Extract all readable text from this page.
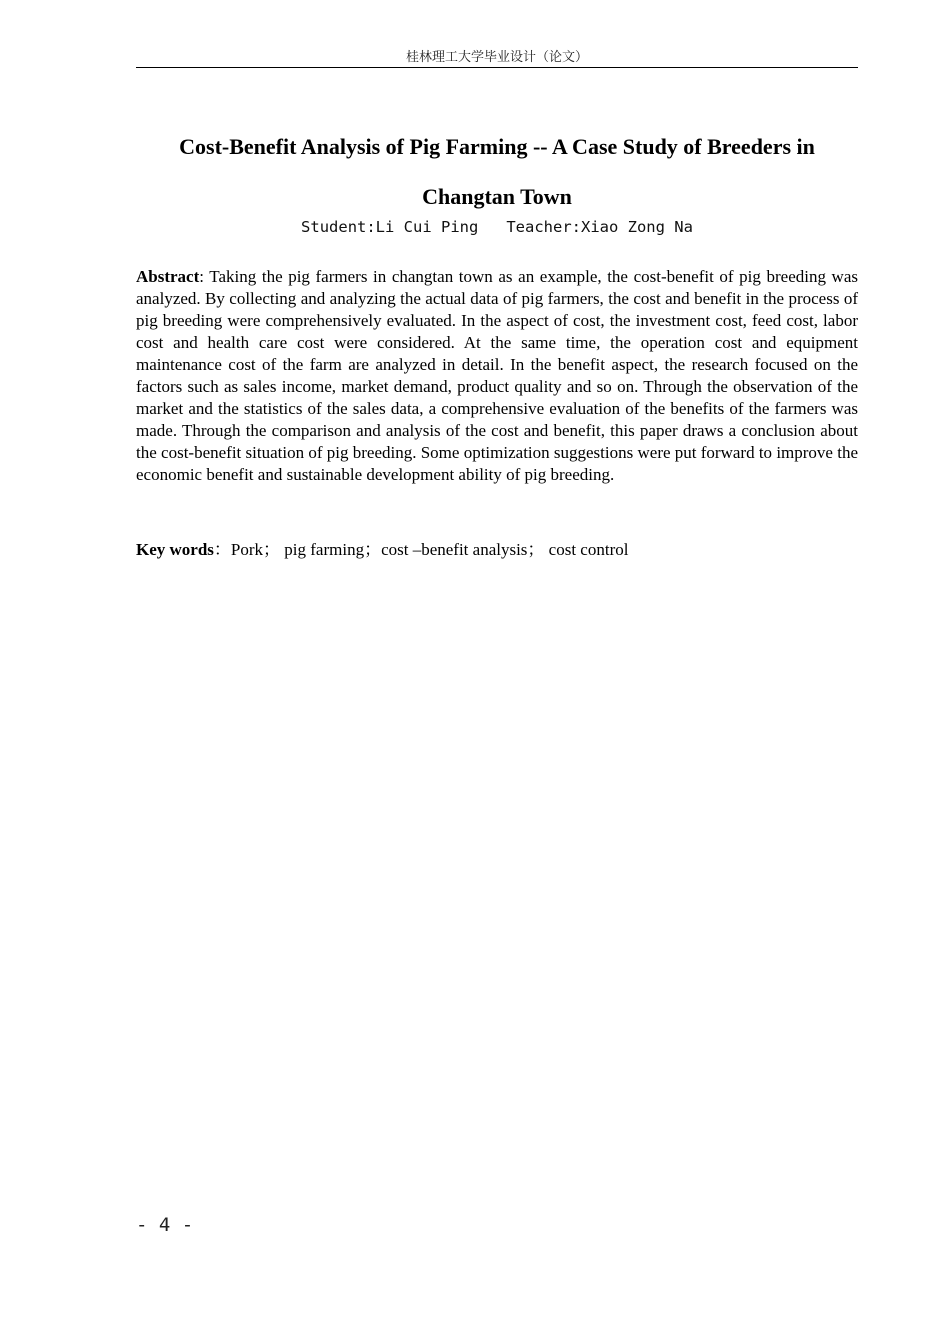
桂林理工大学毕业设计（论文）
Cost-Benefit Analysis of Pig Farming -- A Case Study of Breeders in Changtan Town
Student:Li Cui Ping   Teacher:Xiao Zong Na

Abstract: Taking the pig farmers in changtan town as an example, the cost-benefit of pig breeding was analyzed. By collecting and analyzing the actual data of pig farmers, the cost and benefit in the process of pig breeding were comprehensively evaluated. In the aspect of cost, the investment cost, feed cost, labor cost and health care cost were considered. At the same time, the operation cost and equipment maintenance cost of the farm are analyzed in detail. In the benefit aspect, the research focused on the factors such as sales income, market demand, product quality and so on. Through the observation of the market and the statistics of the sales data, a comprehensive evaluation of the benefits of the farmers was made. Through the comparison and analysis of the cost and benefit, this paper draws a conclusion about the cost-benefit situation of pig breeding. Some optimization suggestions were put forward to improve the economic benefit and sustainable development ability of pig breeding.

Key words：Pork； pig farming；cost –benefit analysis； cost control

- 4 -
